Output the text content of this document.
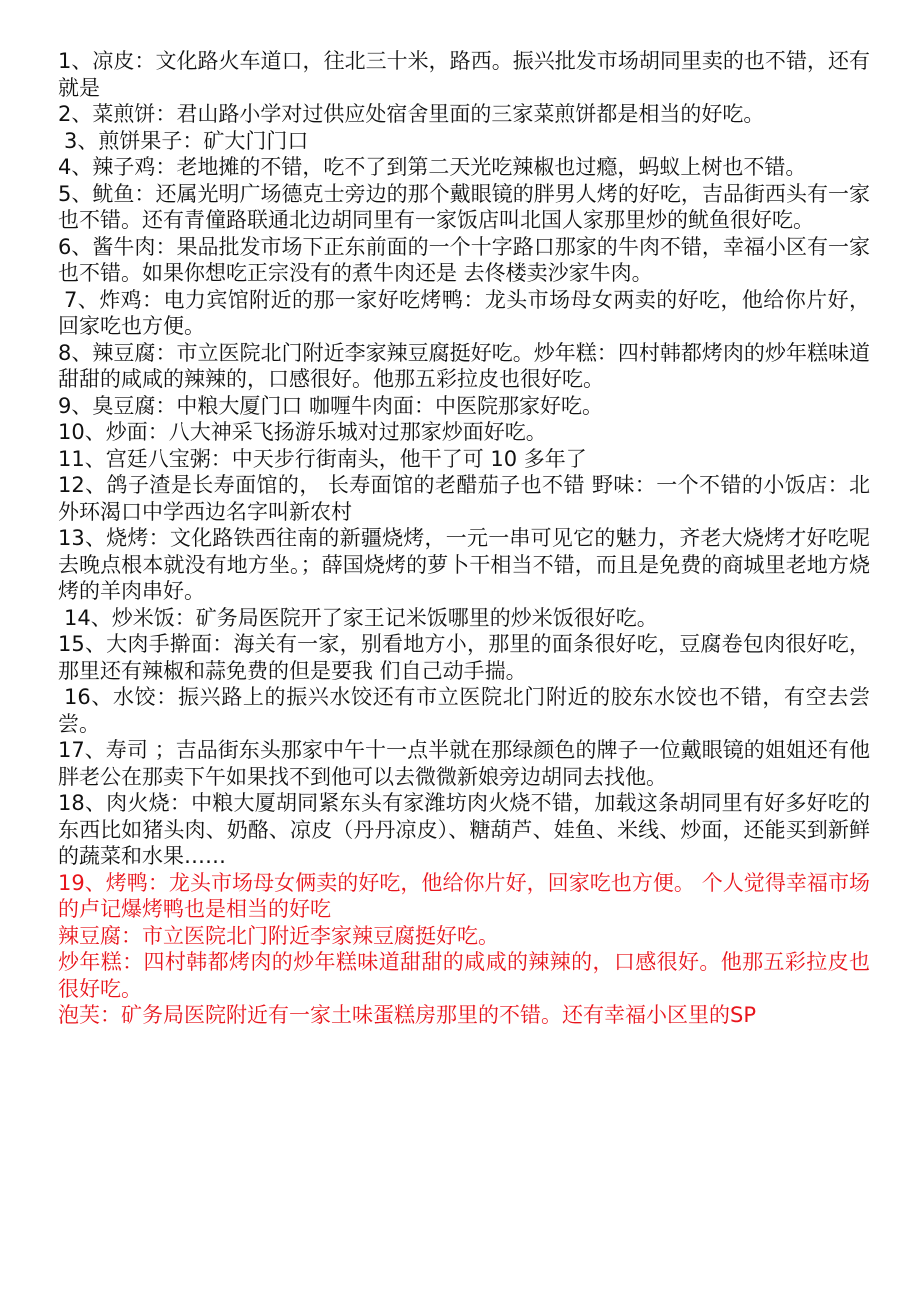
1、凉皮：文化路火车道口，往北三十米，路西。振兴批发市场胡同里卖的也不错，还有就是

2、菜煎饼：君山路小学对过供应处宿舍里面的三家菜煎饼都是相当的好吃。

3、煎饼果子：矿大门门口

4、辣子鸡：老地摊的不错，吃不了到第二天光吃辣椒也过瘾，蚂蚁上树也不错。

5、鱿鱼：还属光明广场德克士旁边的那个戴眼镜的胖男人烤的好吃，吉品街西头有一家也不错。还有青僮路联通北边胡同里有一家饭店叫北国人家那里炒的鱿鱼很好吃。

6、酱牛肉：果品批发市场下正东前面的一个十字路口那家的牛肉不错，幸福小区有一家也不错。如果你想吃正宗没有的煮牛肉还是 去佟楼卖沙家牛肉。

7、炸鸡：电力宾馆附近的那一家好吃烤鸭：龙头市场母女两卖的好吃，他给你片好，回家吃也方便。

8、辣豆腐：市立医院北门附近李家辣豆腐挺好吃。炒年糕：四村韩都烤肉的炒年糕味道甜甜的咸咸的辣辣的，口感很好。他那五彩拉皮也很好吃。

9、臭豆腐：中粮大厦门口 咖喱牛肉面：中医院那家好吃。

10、炒面：八大神采飞扬游乐城对过那家炒面好吃。

11、宫廷八宝粥：中天步行街南头，他干了可 10 多年了

12、鸽子渣是长寿面馆的， 长寿面馆的老醋茄子也不错 野味：一个不错的小饭店：北外环渴口中学西边名字叫新农村

13、烧烤：文化路铁西往南的新疆烧烤，一元一串可见它的魅力，齐老大烧烤才好吃呢去晚点根本就没有地方坐。；薛国烧烤的萝卜干相当不错，而且是免费的商城里老地方烧烤的羊肉串好。

14、炒米饭：矿务局医院开了家王记米饭哪里的炒米饭很好吃。

15、大肉手擀面：海关有一家，别看地方小，那里的面条很好吃，豆腐卷包肉很好吃，那里还有辣椒和蒜免费的但是要我 们自己动手揣。

16、水饺：振兴路上的振兴水饺还有市立医院北门附近的胶东水饺也不错，有空去尝尝。

17、寿司 ；吉品街东头那家中午十一点半就在那绿颜色的牌子一位戴眼镜的姐姐还有他胖老公在那卖下午如果找不到他可以去微微新娘旁边胡同去找他。

18、肉火烧：中粮大厦胡同紧东头有家潍坊肉火烧不错，加载这条胡同里有好多好吃的东西比如猪头肉、奶酪、凉皮（丹丹凉皮）、糖葫芦、娃鱼、米线、炒面，还能买到新鲜的蔬菜和水果……

19、烤鸭：龙头市场母女俩卖的好吃，他给你片好，回家吃也方便。 个人觉得幸福市场的卢记爆烤鸭也是相当的好吃

辣豆腐：市立医院北门附近李家辣豆腐挺好吃。

炒年糕：四村韩都烤肉的炒年糕味道甜甜的咸咸的辣辣的，口感很好。他那五彩拉皮也很好吃。

泡芙：矿务局医院附近有一家土味蛋糕房那里的不错。还有幸福小区里的SP
